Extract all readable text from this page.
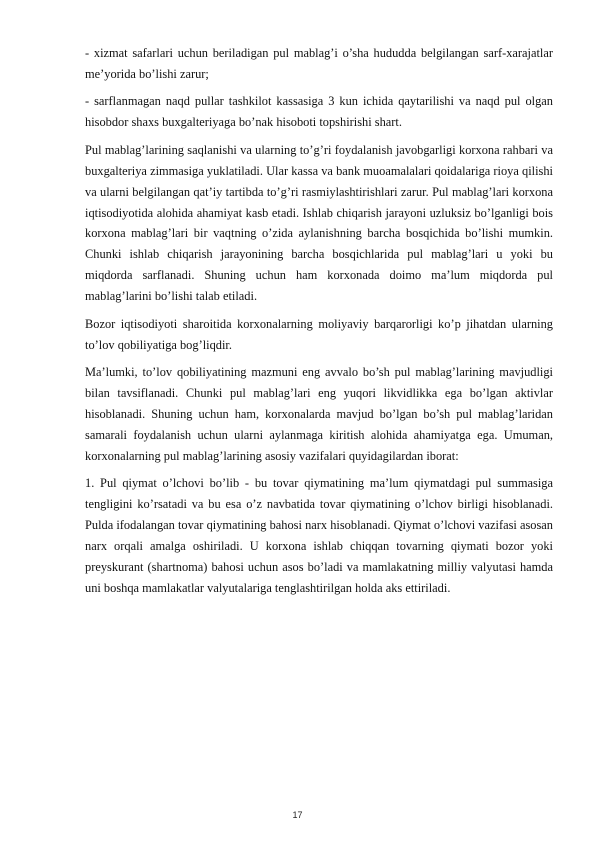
- xizmat safarlari uchun beriladigan pul mablag’i o’sha hududda belgilangan sarf-xarajatlar me’yorida bo’lishi zarur;

- sarflanmagan naqd pullar tashkilot kassasiga 3 kun ichida qaytarilishi va naqd pul olgan hisobdor shaxs buxgalteriyaga bo’nak hisoboti topshirishi shart.

Pul mablag’larining saqlanishi va ularning to’g’ri foydalanish javobgarligi korxona rahbari va buxgalteriya zimmasiga yuklatiladi. Ular kassa va bank muoamalalari qoidalariga rioya qilishi va ularni belgilangan qat’iy tartibda to’g’ri rasmiylashtirishlari zarur. Pul mablag’lari korxona iqtisodiyotida alohida ahamiyat kasb etadi. Ishlab chiqarish jarayoni uzluksiz bo’lganligi bois korxona mablag’lari bir vaqtning o’zida aylanishning barcha bosqichida bo’lishi mumkin. Chunki ishlab chiqarish jarayonining barcha bosqichlarida pul mablag’lari u yoki bu miqdorda sarflanadi. Shuning uchun ham korxonada doimo ma’lum miqdorda pul mablag’larini bo’lishi talab etiladi.

Bozor iqtisodiyoti sharoitida korxonalarning moliyaviy barqarorligi ko’p jihatdan ularning to’lov qobiliyatiga bog’liqdir.

Ma’lumki, to’lov qobiliyatining mazmuni eng avvalo bo’sh pul mablag’larining mavjudligi bilan tavsiflanadi. Chunki pul mablag’lari eng yuqori likvidlikka ega bo’lgan aktivlar hisoblanadi. Shuning uchun ham, korxonalarda mavjud bo’lgan bo’sh pul mablag’laridan samarali foydalanish uchun ularni aylanmaga kiritish alohida ahamiyatga ega. Umuman, korxonalarning pul mablag’larining asosiy vazifalari quyidagilardan iborat:

1. Pul qiymat o’lchovi bo’lib - bu tovar qiymatining ma’lum qiymatdagi pul summasiga tengligini ko’rsatadi va bu esa o’z navbatida tovar qiymatining o’lchov birligi hisoblanadi. Pulda ifodalangan tovar qiymatining bahosi narx hisoblanadi. Qiymat o’lchovi vazifasi asosan narx orqali amalga oshiriladi. U korxona ishlab chiqqan tovarning qiymati bozor yoki preyskurant (shartnoma) bahosi uchun asos bo’ladi va mamlakatning milliy valyutasi hamda uni boshqa mamlakatlar valyutalariga tenglashtirilgan holda aks ettiriladi.

17
